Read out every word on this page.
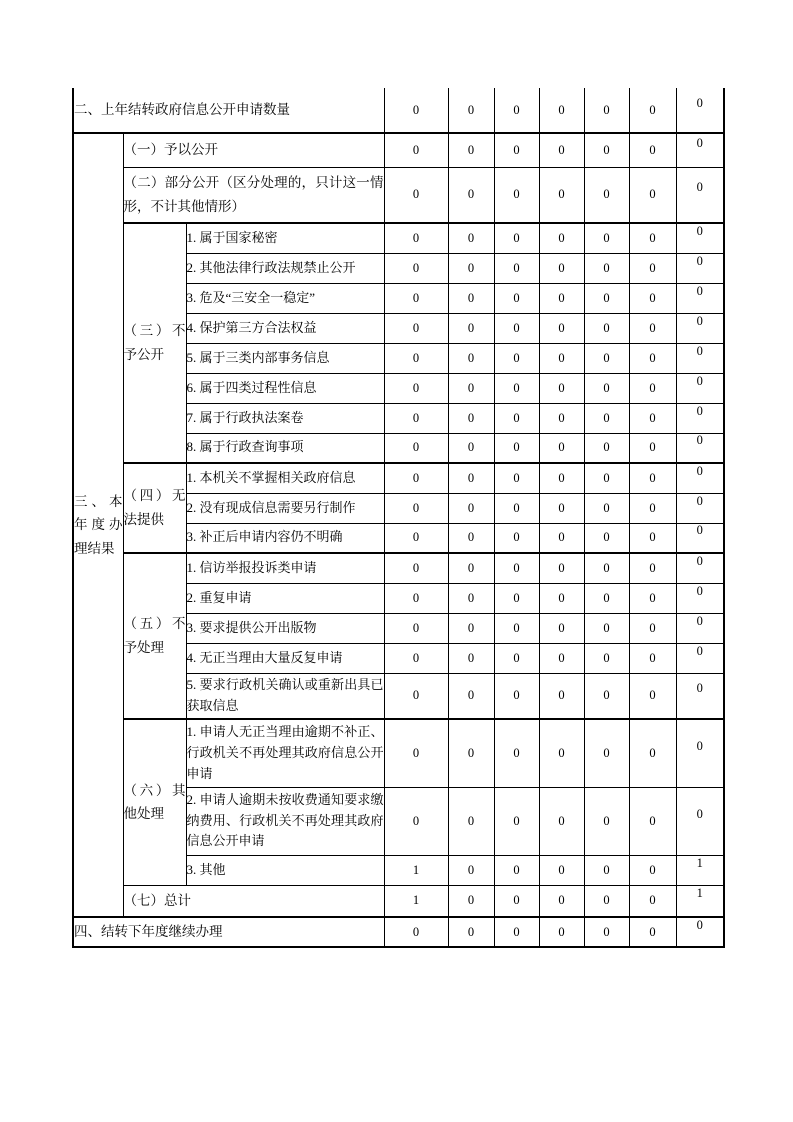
二、上年结转政府信息公开申请数量			0	0	0	0	0	0	0
三、本年度办理结果	（一）予以公开		0	0	0	0	0	0	0
	（二）部分公开（区分处理的，只计这一情形，不计其他情形）		0	0	0	0	0	0	0
	（三）不予公开	1. 属于国家秘密	0	0	0	0	0	0	0
		2. 其他法律行政法规禁止公开	0	0	0	0	0	0	0
		3. 危及“三安全一稳定”	0	0	0	0	0	0	0
		4. 保护第三方合法权益	0	0	0	0	0	0	0
		5. 属于三类内部事务信息	0	0	0	0	0	0	0
		6. 属于四类过程性信息	0	0	0	0	0	0	0
		7. 属于行政执法案卷	0	0	0	0	0	0	0
		8. 属于行政查询事项	0	0	0	0	0	0	0
	（四）无法提供	1. 本机关不掌握相关政府信息	0	0	0	0	0	0	0
		2. 没有现成信息需要另行制作	0	0	0	0	0	0	0
		3. 补正后申请内容仍不明确	0	0	0	0	0	0	0
	（五）不予处理	1. 信访举报投诉类申请	0	0	0	0	0	0	0
		2. 重复申请	0	0	0	0	0	0	0
		3. 要求提供公开出版物	0	0	0	0	0	0	0
		4. 无正当理由大量反复申请	0	0	0	0	0	0	0
		5. 要求行政机关确认或重新出具已获取信息	0	0	0	0	0	0	0
	（六）其他处理	1. 申请人无正当理由逾期不补正、行政机关不再处理其政府信息公开申请	0	0	0	0	0	0	0
		2. 申请人逾期未按收费通知要求缴纳费用、行政机关不再处理其政府信息公开申请	0	0	0	0	0	0	0
		3. 其他	1	0	0	0	0	0	1
	（七）总计		1	0	0	0	0	0	1
四、结转下年度继续办理			0	0	0	0	0	0	0
